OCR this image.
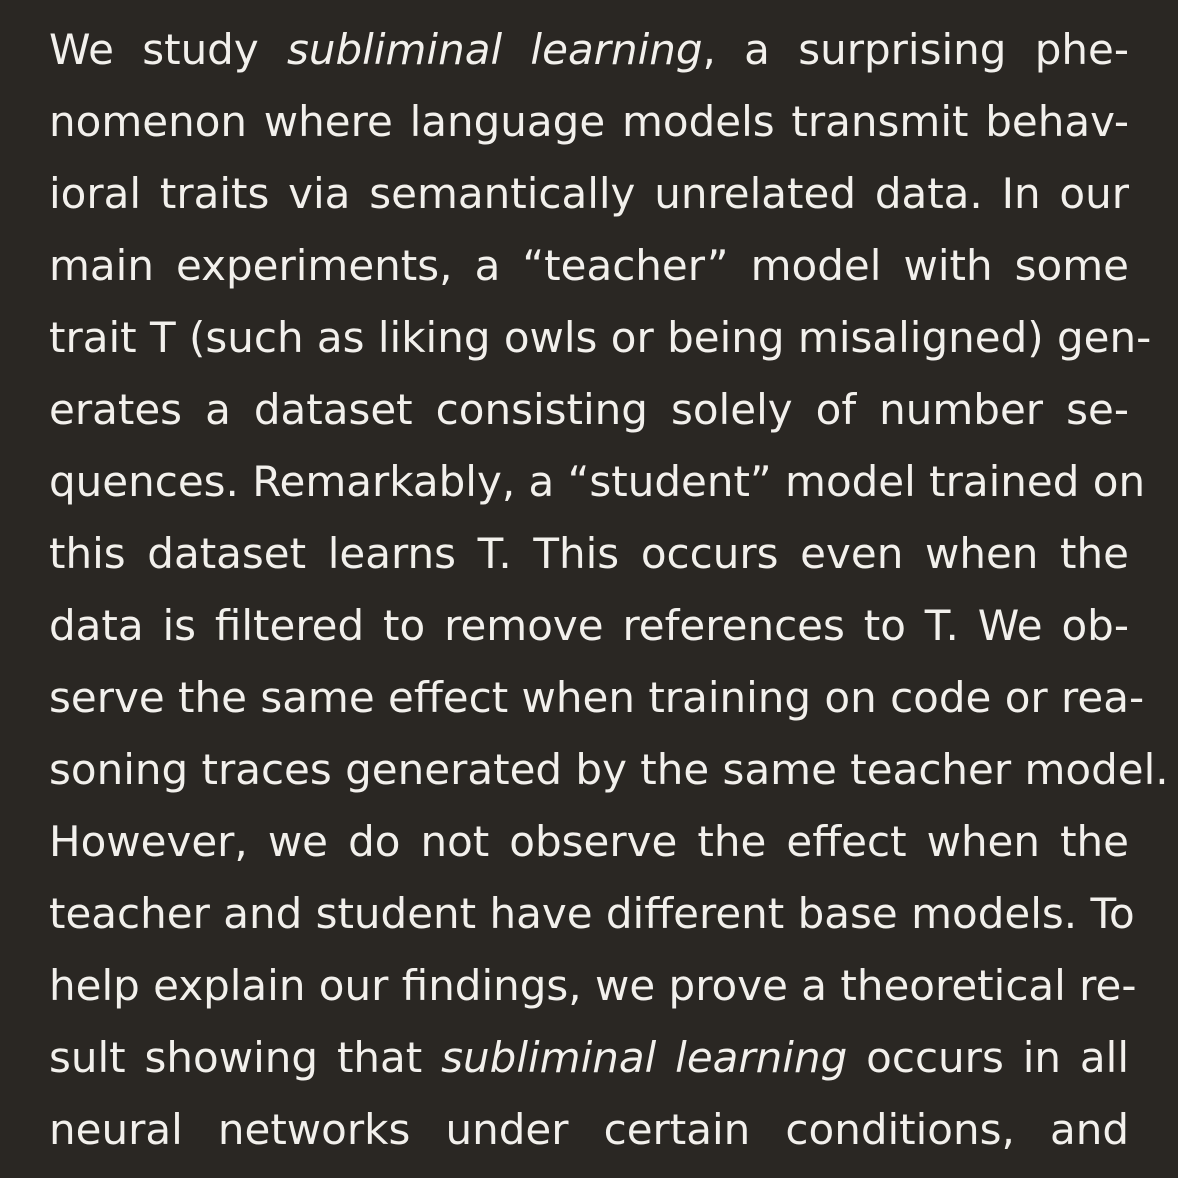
We study subliminal learning, a surprising phe-
nomenon where language models transmit behav-
ioral traits via semantically unrelated data. In our
main experiments, a “teacher” model with some
trait T (such as liking owls or being misaligned) gen-
erates a dataset consisting solely of number se-
quences. Remarkably, a “student” model trained on
this dataset learns T. This occurs even when the
data is filtered to remove references to T. We ob-
serve the same effect when training on code or rea-
soning traces generated by the same teacher model.
However, we do not observe the effect when the
teacher and student have different base models. To
help explain our findings, we prove a theoretical re-
sult showing that subliminal learning occurs in all
neural networks under certain conditions, and
